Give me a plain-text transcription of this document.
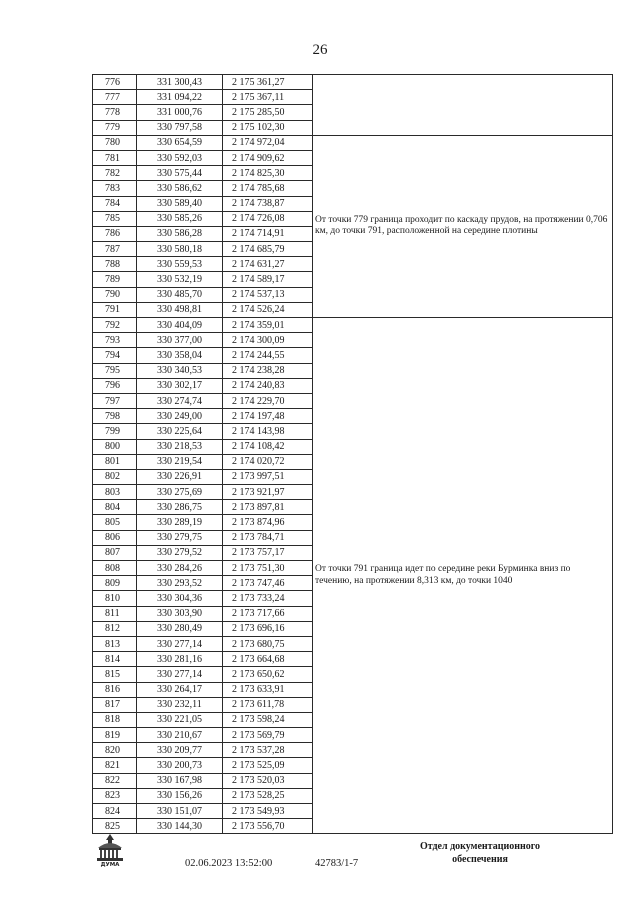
26
776	331 300,43	2 175 361,27	
777	331 094,22	2 175 367,11	
778	331 000,76	2 175 285,50	
779	330 797,58	2 175 102,30	
780	330 654,59	2 174 972,04	От точки 779 граница проходит по каскаду прудов, на протяжении 0,706 км, до точки 791, расположенной на середине плотины
781	330 592,03	2 174 909,62	
782	330 575,44	2 174 825,30	
783	330 586,62	2 174 785,68	
784	330 589,40	2 174 738,87	
785	330 585,26	2 174 726,08	
786	330 586,28	2 174 714,91	
787	330 580,18	2 174 685,79	
788	330 559,53	2 174 631,27	
789	330 532,19	2 174 589,17	
790	330 485,70	2 174 537,13	
791	330 498,81	2 174 526,24	
792	330 404,09	2 174 359,01	От точки 791 граница идет по середине реки Бурминка вниз по течению, на протяжении 8,313 км, до точки 1040
793	330 377,00	2 174 300,09	
794	330 358,04	2 174 244,55	
795	330 340,53	2 174 238,28	
796	330 302,17	2 174 240,83	
797	330 274,74	2 174 229,70	
798	330 249,00	2 174 197,48	
799	330 225,64	2 174 143,98	
800	330 218,53	2 174 108,42	
801	330 219,54	2 174 020,72	
802	330 226,91	2 173 997,51	
803	330 275,69	2 173 921,97	
804	330 286,75	2 173 897,81	
805	330 289,19	2 173 874,96	
806	330 279,75	2 173 784,71	
807	330 279,52	2 173 757,17	
808	330 284,26	2 173 751,30	
809	330 293,52	2 173 747,46	
810	330 304,36	2 173 733,24	
811	330 303,90	2 173 717,66	
812	330 280,49	2 173 696,16	
813	330 277,14	2 173 680,75	
814	330 281,16	2 173 664,68	
815	330 277,14	2 173 650,62	
816	330 264,17	2 173 633,91	
817	330 232,11	2 173 611,78	
818	330 221,05	2 173 598,24	
819	330 210,67	2 173 569,79	
820	330 209,77	2 173 537,28	
821	330 200,73	2 173 525,09	
822	330 167,98	2 173 520,03	
823	330 156,26	2 173 528,25	
824	330 151,07	2 173 549,93	
825	330 144,30	2 173 556,70	
ДУМА	02.06.2023 13:52:00	42783/1-7
Отдел документационного
обеспечения
